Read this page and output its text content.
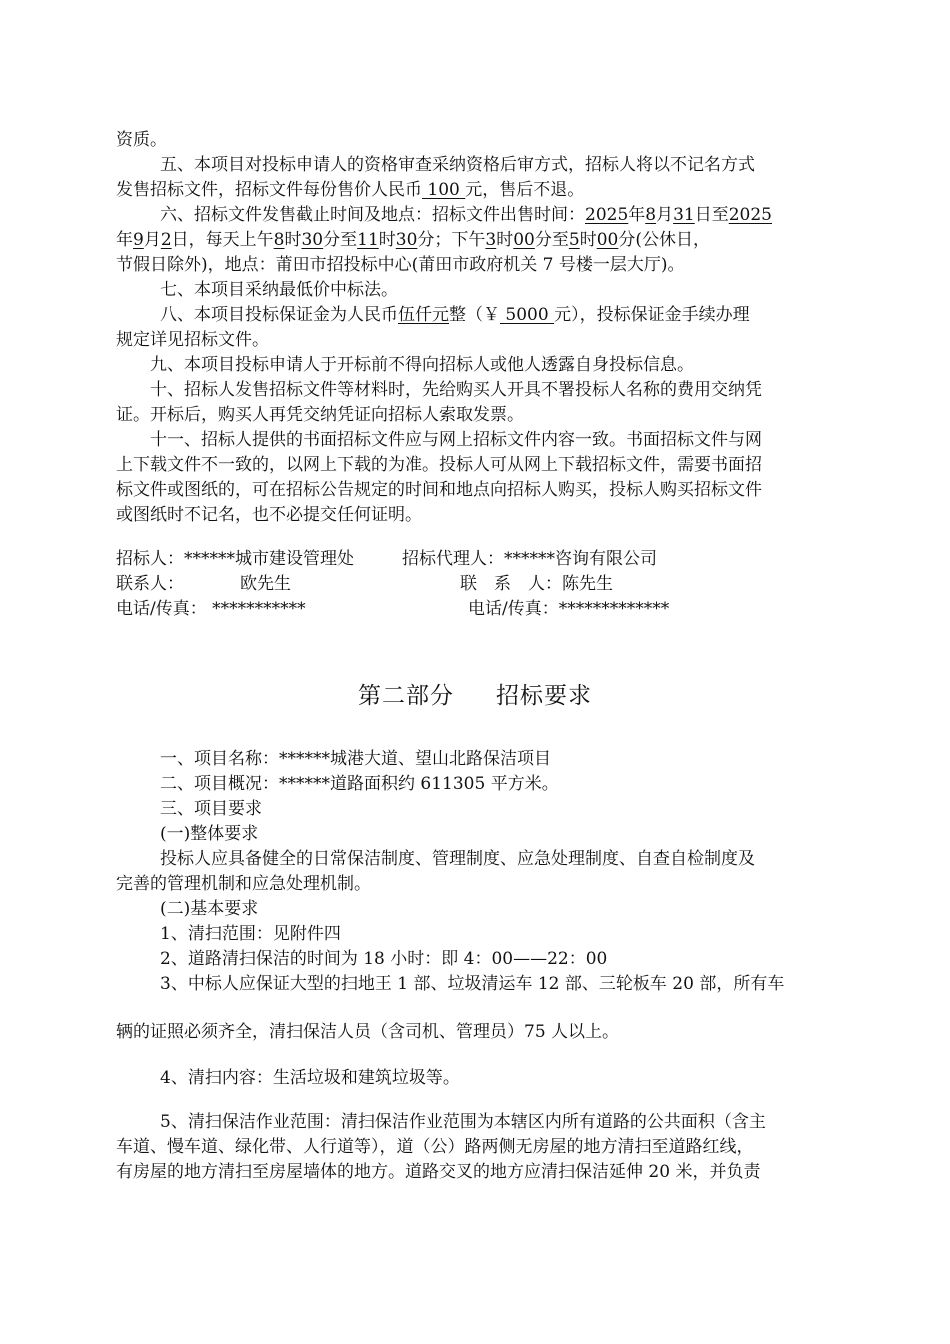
资质。
五、本项目对投标申请人的资格审查采纳资格后审方式，招标人将以不记名方式
发售招标文件，招标文件每份售价人民币 100 元，售后不退。
六、招标文件发售截止时间及地点：招标文件出售时间：2025年8月31日至2025
年9月2日，每天上午8时30分至11时30分；下午3时00分至5时00分(公休日，
节假日除外)，地点：莆田市招投标中心(莆田市政府机关 7 号楼一层大厅)。
七、本项目采纳最低价中标法。
八、本项目投标保证金为人民币伍仟元整（￥ 5000 元），投标保证金手续办理
规定详见招标文件。
九、本项目投标申请人于开标前不得向招标人或他人透露自身投标信息。
十、招标人发售招标文件等材料时，先给购买人开具不署投标人名称的费用交纳凭
证。开标后，购买人再凭交纳凭证向招标人索取发票。
十一、招标人提供的书面招标文件应与网上招标文件内容一致。书面招标文件与网
上下载文件不一致的，以网上下载的为准。投标人可从网上下载招标文件，需要书面招
标文件或图纸的，可在招标公告规定的时间和地点向招标人购买，投标人购买招标文件
或图纸时不记名，也不必提交任何证明。
招标人：******城市建设管理处	招标代理人：******咨询有限公司
联系人：	欧先生	联　系　人：陈先生
电话/传真： ***********	电话/传真：*************
第二部分 招标要求
一、项目名称：******城港大道、望山北路保洁项目
二、项目概况：******道路面积约 611305 平方米。
三、项目要求
(一)整体要求
投标人应具备健全的日常保洁制度、管理制度、应急处理制度、自查自检制度及
完善的管理机制和应急处理机制。
(二)基本要求
1、清扫范围：见附件四
2、道路清扫保洁的时间为 18 小时：即 4：00——22：00
3、中标人应保证大型的扫地王 1 部、垃圾清运车 12 部、三轮板车 20 部，所有车
辆的证照必须齐全，清扫保洁人员（含司机、管理员）75 人以上。
4、清扫内容：生活垃圾和建筑垃圾等。
5、清扫保洁作业范围：清扫保洁作业范围为本辖区内所有道路的公共面积（含主
车道、慢车道、绿化带、人行道等），道（公）路两侧无房屋的地方清扫至道路红线，
有房屋的地方清扫至房屋墙体的地方。道路交叉的地方应清扫保洁延伸 20 米，并负责
